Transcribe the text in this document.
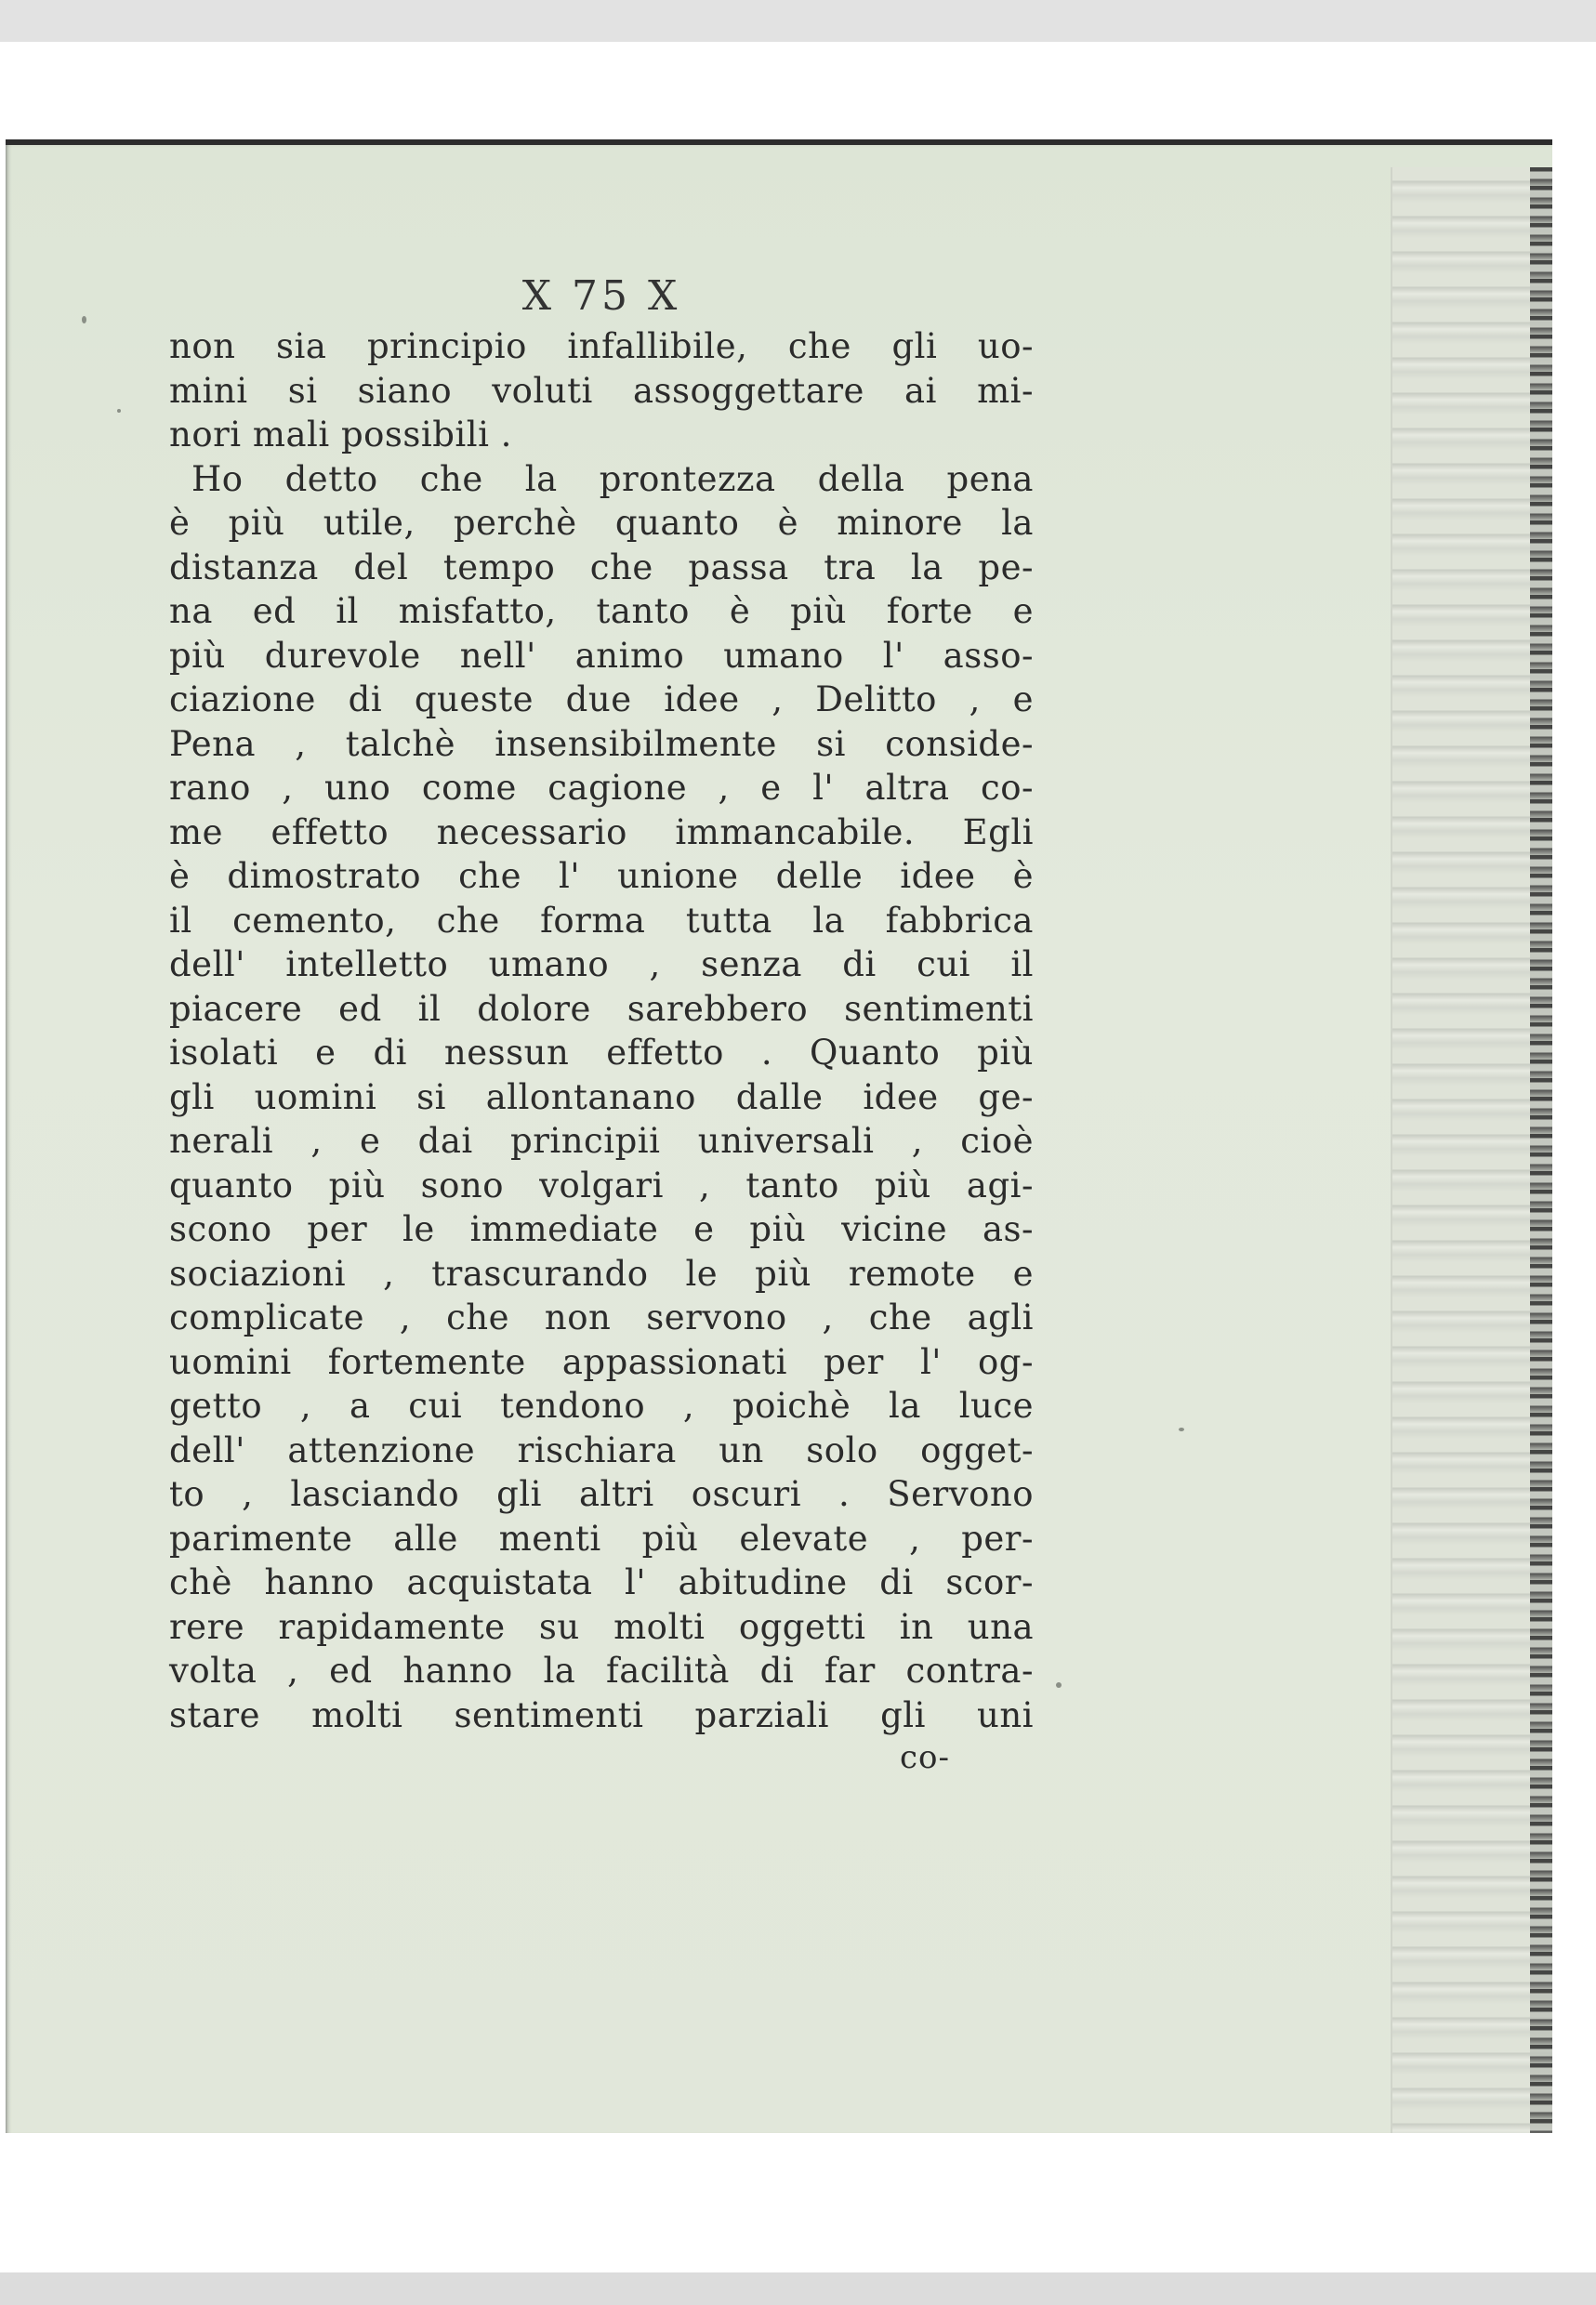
X 75 X
non sia principio infallibile, che gli uo-
mini si siano voluti assoggettare ai mi-
nori mali possibili .
Ho detto che la prontezza della pena
è più utile, perchè quanto è minore la
distanza del tempo che passa tra la pe-
na ed il misfatto, tanto è più forte e
più durevole nell' animo umano l' asso-
ciazione di queste due idee , Delitto , e
Pena , talchè insensibilmente si conside-
rano , uno come cagione , e l' altra co-
me effetto necessario immancabile. Egli
è dimostrato che l' unione delle idee è
il cemento, che forma tutta la fabbrica
dell' intelletto umano , senza di cui il
piacere ed il dolore sarebbero sentimenti
isolati e di nessun effetto . Quanto più
gli uomini si allontanano dalle idee ge-
nerali , e dai principii universali , cioè
quanto più sono volgari , tanto più agi-
scono per le immediate e più vicine as-
sociazioni , trascurando le più remote e
complicate , che non servono , che agli
uomini fortemente appassionati per l' og-
getto , a cui tendono , poichè la luce
dell' attenzione rischiara un solo ogget-
to , lasciando gli altri oscuri . Servono
parimente alle menti più elevate , per-
chè hanno acquistata l' abitudine di scor-
rere rapidamente su molti oggetti in una
volta , ed hanno la facilità di far contra-
stare molti sentimenti parziali gli uni
co-
